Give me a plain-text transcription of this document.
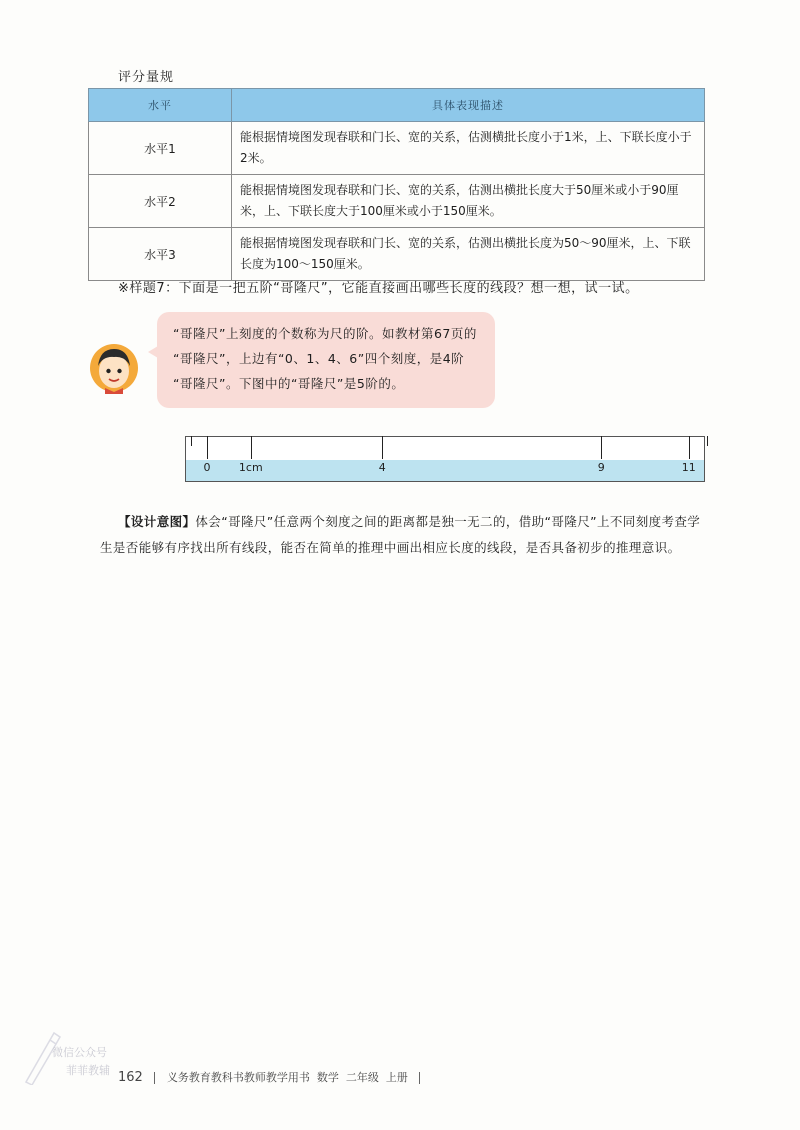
评分量规
水平	具体表现描述
水平1	能根据情境图发现春联和门长、宽的关系，估测横批长度小于1米，上、下联长度小于2米。
水平2	能根据情境图发现春联和门长、宽的关系，估测出横批长度大于50厘米或小于90厘米，上、下联长度大于100厘米或小于150厘米。
水平3	能根据情境图发现春联和门长、宽的关系，估测出横批长度为50～90厘米，上、下联长度为100～150厘米。
※样题7：下面是一把五阶“哥隆尺”，它能直接画出哪些长度的线段？想一想，试一试。
“哥隆尺”上刻度的个数称为尺的阶。如教材第67页的
“哥隆尺”，上边有“0、1、4、6”四个刻度，是4阶
“哥隆尺”。下图中的“哥隆尺”是5阶的。
0	1cm	4	9	11
【设计意图】体会“哥隆尺”任意两个刻度之间的距离都是独一无二的，借助“哥隆尺”上不同刻度考查学生是否能够有序找出所有线段，能否在简单的推理中画出相应长度的线段，是否具备初步的推理意识。
微信公众号
菲菲教辅 162 义务教育教科书教师教学用书 数学 二年级 上册
